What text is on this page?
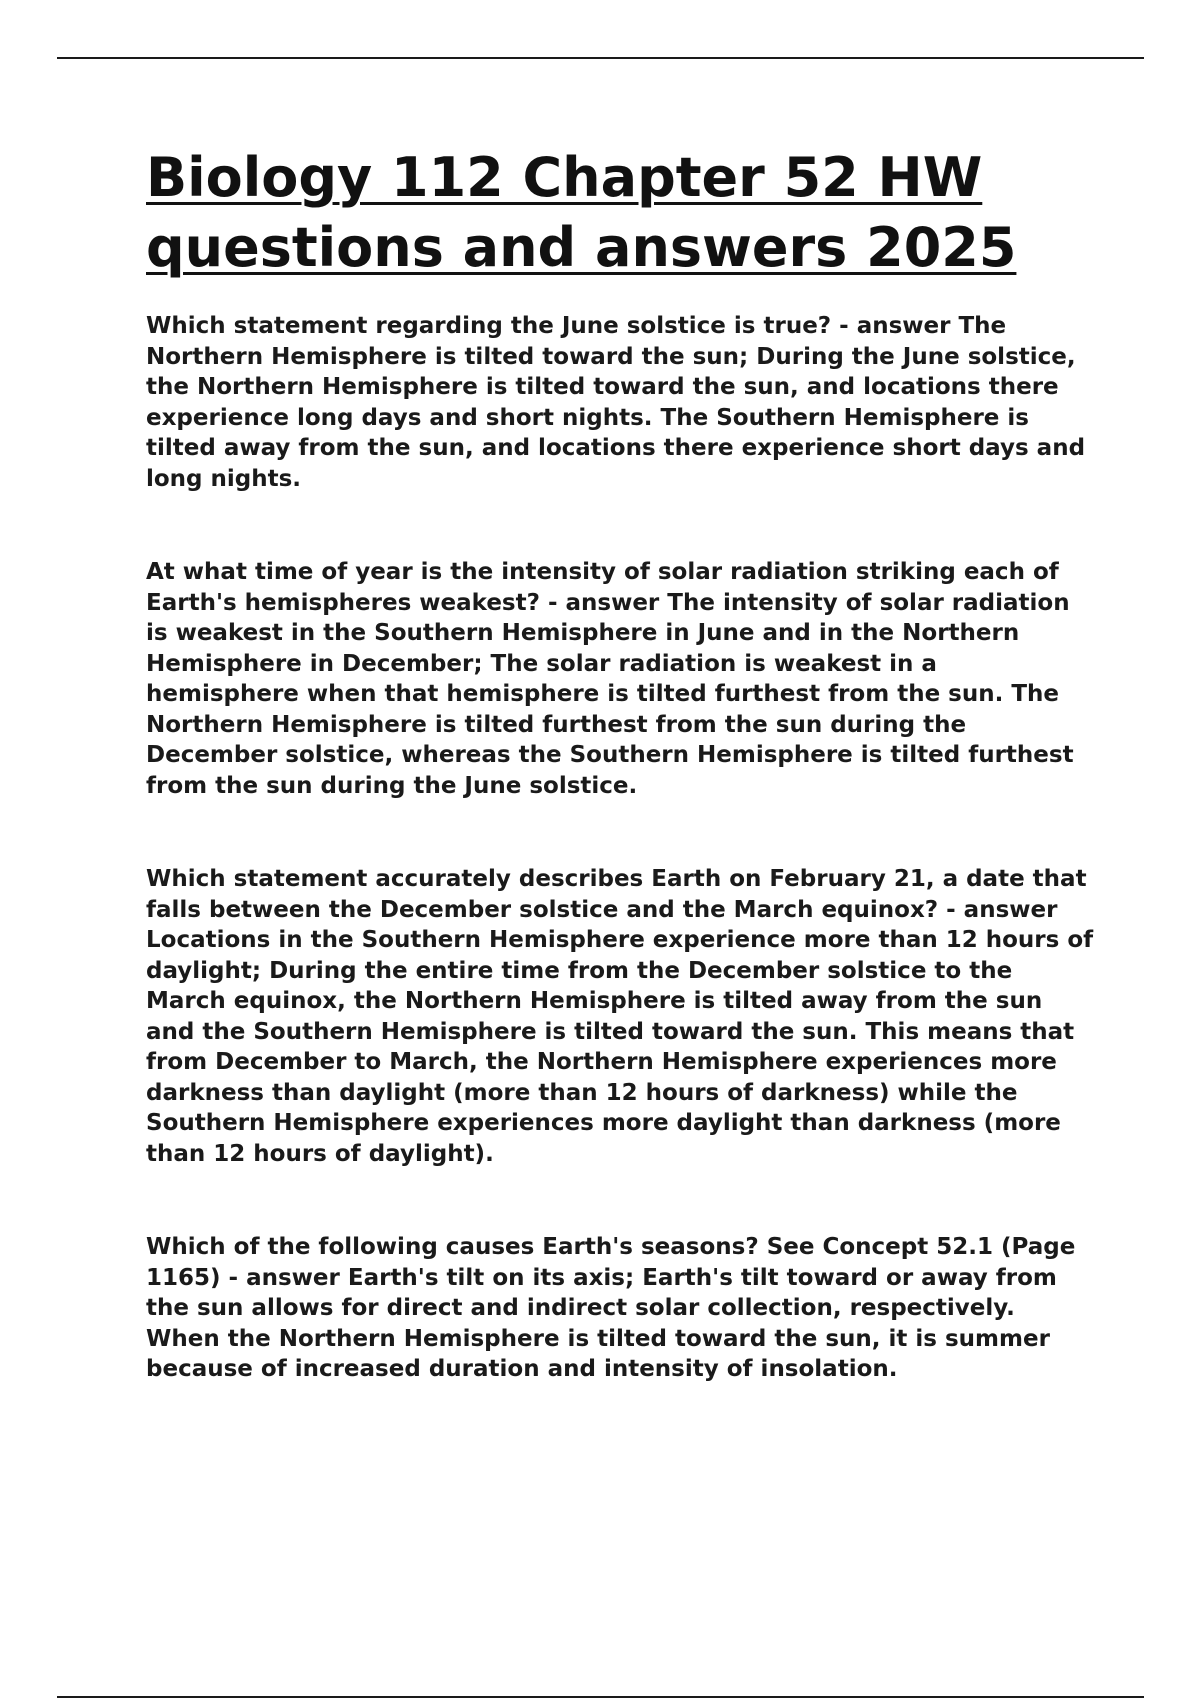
Biology 112 Chapter 52 HW
questions and answers 2025

Which statement regarding the June solstice is true? - answer The Northern Hemisphere is tilted toward the sun; During the June solstice, the Northern Hemisphere is tilted toward the sun, and locations there experience long days and short nights. The Southern Hemisphere is tilted away from the sun, and locations there experience short days and long nights.

At what time of year is the intensity of solar radiation striking each of Earth's hemispheres weakest? - answer The intensity of solar radiation is weakest in the Southern Hemisphere in June and in the Northern Hemisphere in December; The solar radiation is weakest in a hemisphere when that hemisphere is tilted furthest from the sun. The Northern Hemisphere is tilted furthest from the sun during the December solstice, whereas the Southern Hemisphere is tilted furthest from the sun during the June solstice.

Which statement accurately describes Earth on February 21, a date that falls between the December solstice and the March equinox? - answer Locations in the Southern Hemisphere experience more than 12 hours of daylight; During the entire time from the December solstice to the March equinox, the Northern Hemisphere is tilted away from the sun and the Southern Hemisphere is tilted toward the sun. This means that from December to March, the Northern Hemisphere experiences more darkness than daylight (more than 12 hours of darkness) while the Southern Hemisphere experiences more daylight than darkness (more than 12 hours of daylight).

Which of the following causes Earth's seasons? See Concept 52.1 (Page 1165) - answer Earth's tilt on its axis; Earth's tilt toward or away from the sun allows for direct and indirect solar collection, respectively. When the Northern Hemisphere is tilted toward the sun, it is summer because of increased duration and intensity of insolation.
